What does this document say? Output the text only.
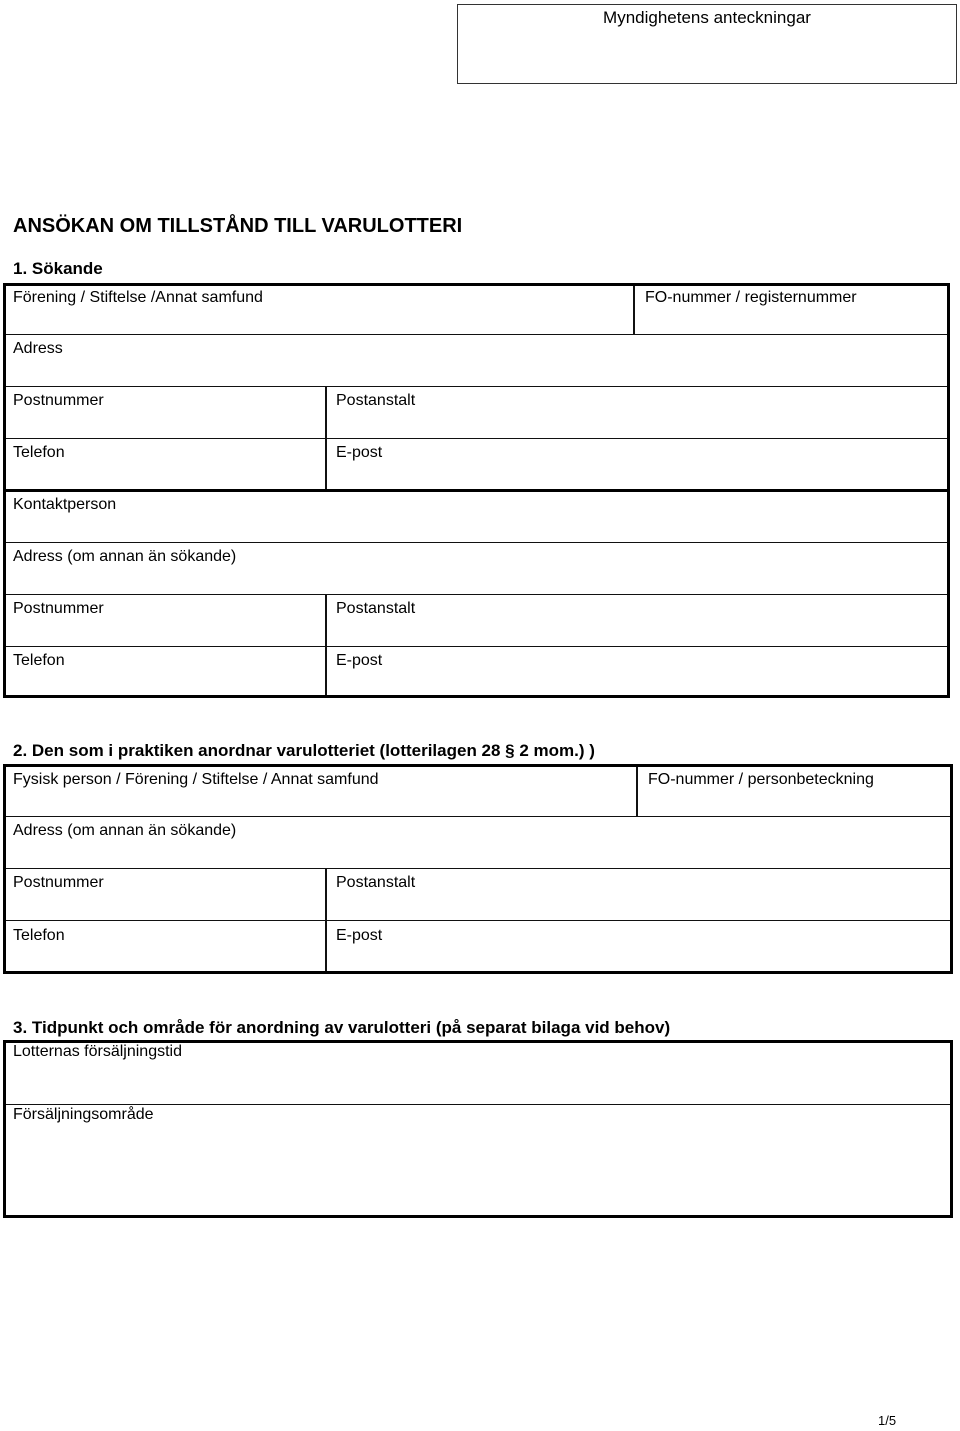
Myndighetens anteckningar
ANSÖKAN OM TILLSTÅND TILL VARULOTTERI
1. Sökande
Förening / Stiftelse /Annat samfund	FO-nummer / registernummer
Adress
Postnummer	Postanstalt
Telefon	E-post
Kontaktperson
Adress (om annan än sökande)
Postnummer	Postanstalt
Telefon	E-post
2. Den som i praktiken anordnar varulotteriet (lotterilagen 28 § 2 mom.) )
Fysisk person / Förening / Stiftelse / Annat samfund	FO-nummer / personbeteckning
Adress (om annan än sökande)
Postnummer	Postanstalt
Telefon	E-post
3. Tidpunkt och område för anordning av varulotteri (på separat bilaga vid behov)
Lotternas försäljningstid
Försäljningsområde
1/5
